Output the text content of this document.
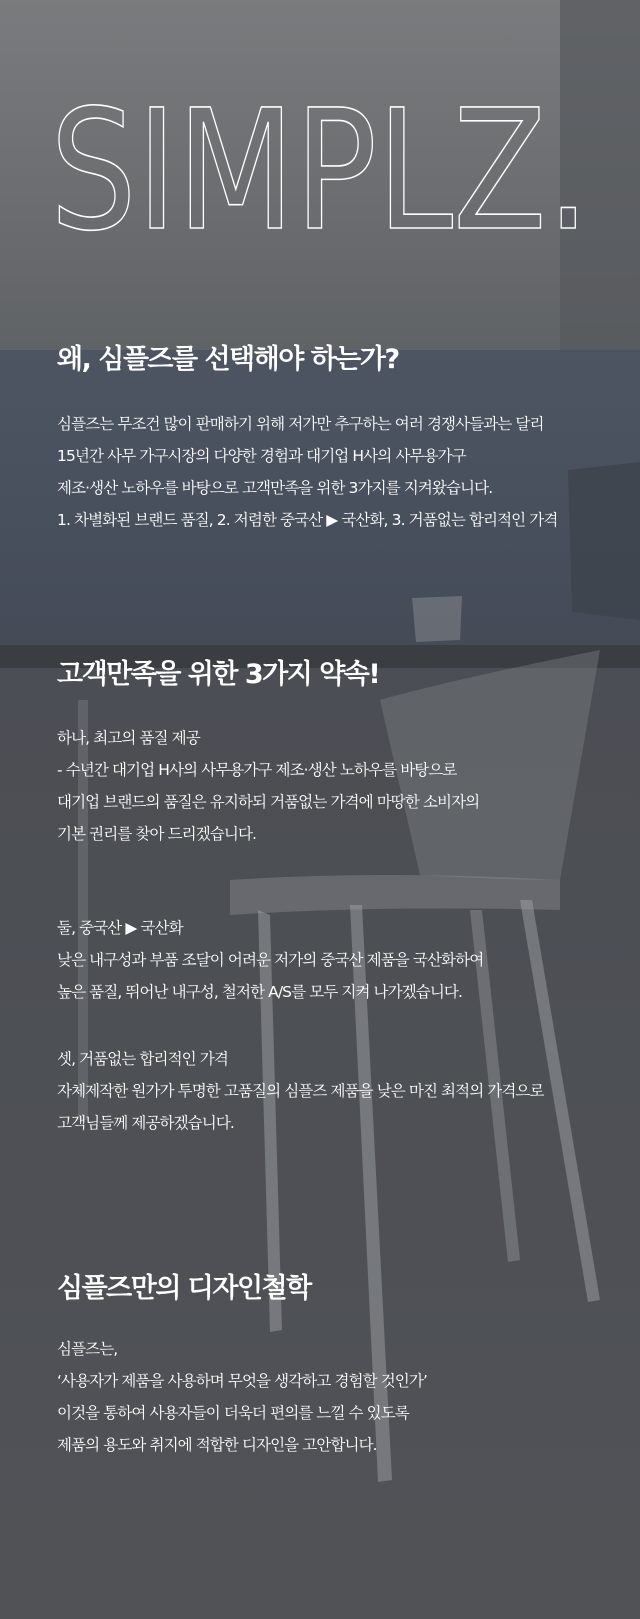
SIMPLZ.
왜, 심플즈를 선택해야 하는가?
심플즈는 무조건 많이 판매하기 위해 저가만 추구하는 여러 경쟁사들과는 달리
15년간 사무 가구시장의 다양한 경험과 대기업 H사의 사무용가구
제조·생산 노하우를 바탕으로 고객만족을 위한 3가지를 지켜왔습니다.
1. 차별화된 브랜드 품질, 2. 저렴한 중국산 ▶ 국산화, 3. 거품없는 합리적인 가격
고객만족을 위한 3가지 약속!
하나, 최고의 품질 제공
- 수년간 대기업 H사의 사무용가구 제조·생산 노하우를 바탕으로
대기업 브랜드의 품질은 유지하되 거품없는 가격에 마땅한 소비자의
기본 권리를 찾아 드리겠습니다.
둘, 중국산 ▶ 국산화
낮은 내구성과 부품 조달이 어려운 저가의 중국산 제품을 국산화하여
높은 품질, 뛰어난 내구성, 철저한 A/S를 모두 지켜 나가겠습니다.
셋, 거품없는 합리적인 가격
자체제작한 원가가 투명한 고품질의 심플즈 제품을 낮은 마진 최적의 가격으로
고객님들께 제공하겠습니다.
심플즈만의 디자인철학
심플즈는,
‘사용자가 제품을 사용하며 무엇을 생각하고 경험할 것인가’
이것을 통하여 사용자들이 더욱더 편의를 느낄 수 있도록
제품의 용도와 취지에 적합한 디자인을 고안합니다.
